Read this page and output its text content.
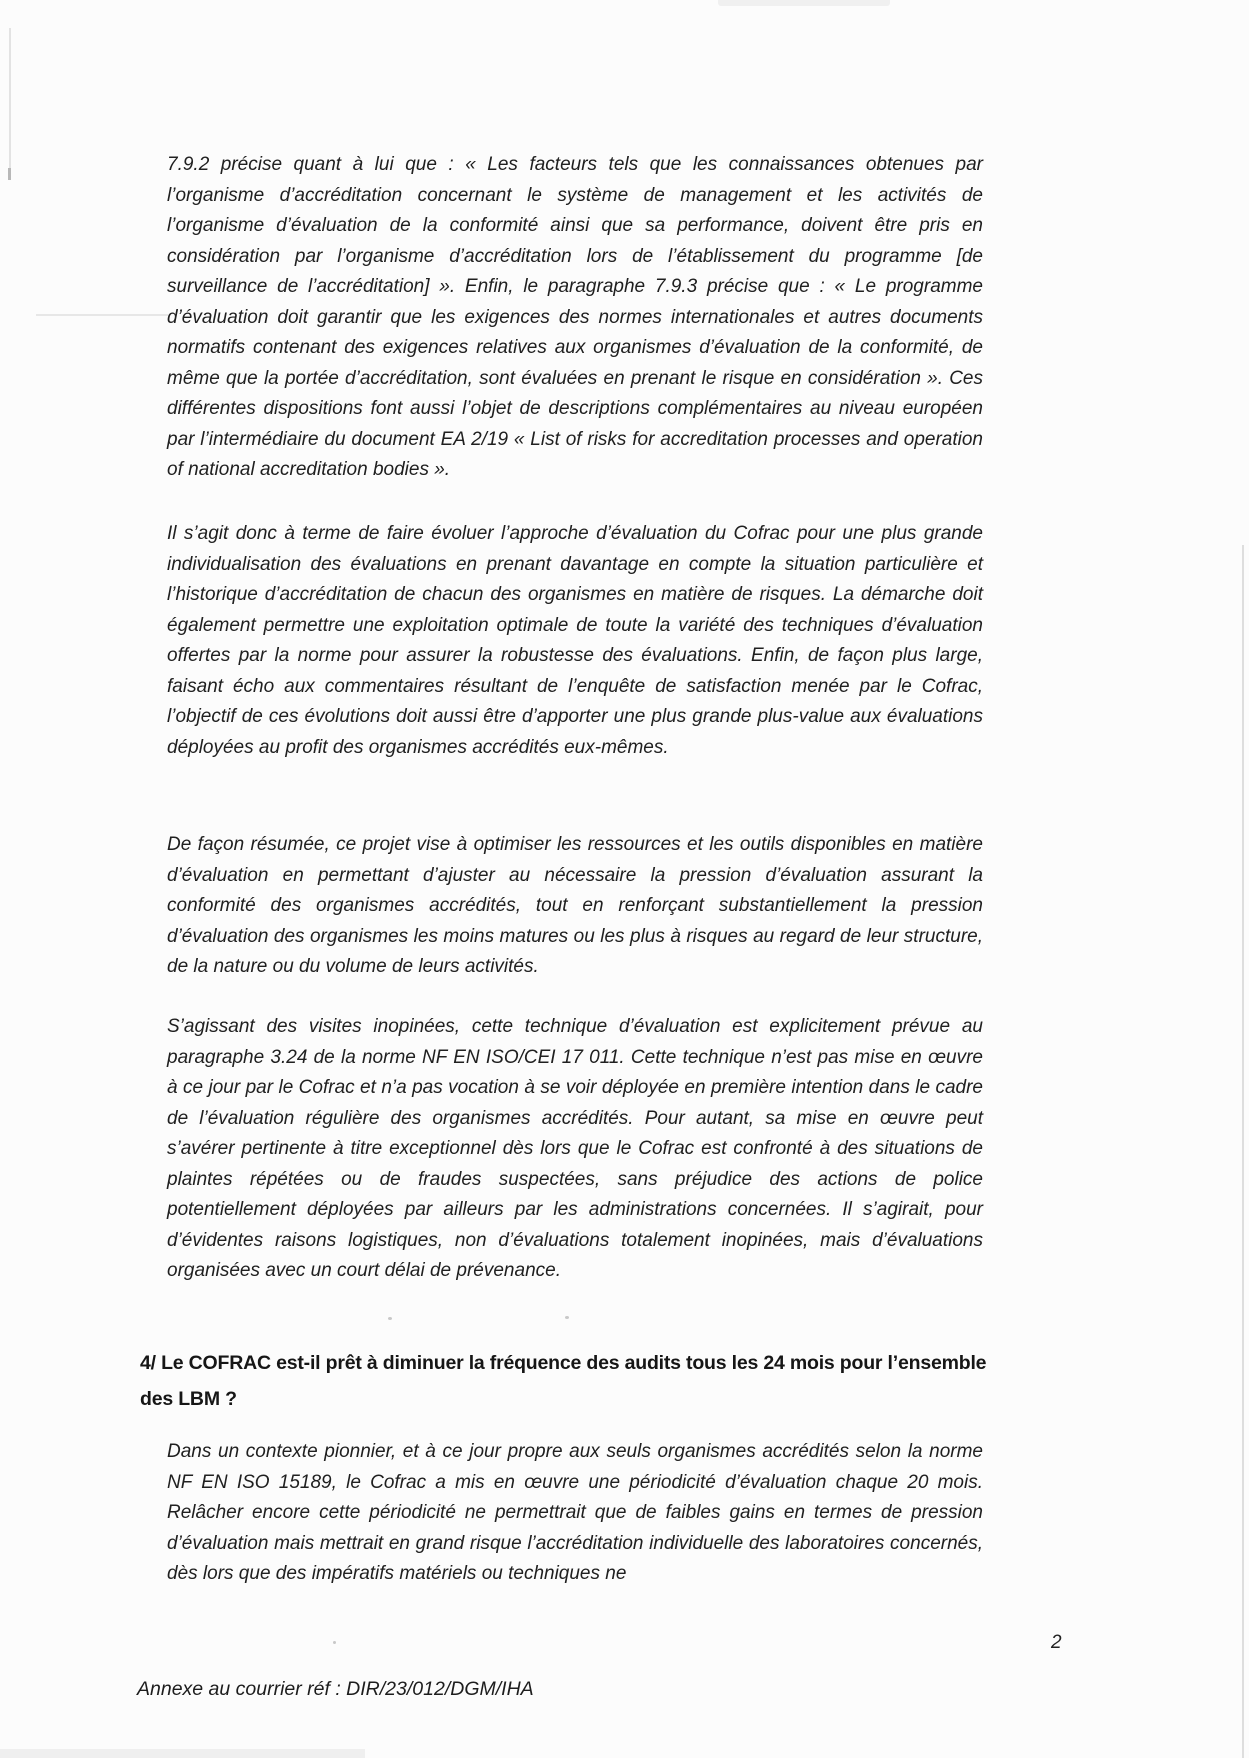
7.9.2 précise quant à lui que : « Les facteurs tels que les connaissances obtenues par l’organisme d’accréditation concernant le système de management et les activités de l’organisme d’évaluation de la conformité ainsi que sa performance, doivent être pris en considération par l’organisme d’accréditation lors de l’établissement du programme [de surveillance de l’accréditation] ». Enfin, le paragraphe 7.9.3 précise que : « Le programme d’évaluation doit garantir que les exigences des normes internationales et autres documents normatifs contenant des exigences relatives aux organismes d’évaluation de la conformité, de même que la portée d’accréditation, sont évaluées en prenant le risque en considération ». Ces différentes dispositions font aussi l’objet de descriptions complémentaires au niveau européen par l’intermédiaire du document EA 2/19 « List of risks for accreditation processes and operation of national accreditation bodies ».
Il s’agit donc à terme de faire évoluer l’approche d’évaluation du Cofrac pour une plus grande individualisation des évaluations en prenant davantage en compte la situation particulière et l’historique d’accréditation de chacun des organismes en matière de risques. La démarche doit également permettre une exploitation optimale de toute la variété des techniques d’évaluation offertes par la norme pour assurer la robustesse des évaluations. Enfin, de façon plus large, faisant écho aux commentaires résultant de l’enquête de satisfaction menée par le Cofrac, l’objectif de ces évolutions doit aussi être d’apporter une plus grande plus-value aux évaluations déployées au profit des organismes accrédités eux-mêmes.
De façon résumée, ce projet vise à optimiser les ressources et les outils disponibles en matière d’évaluation en permettant d’ajuster au nécessaire la pression d’évaluation assurant la conformité des organismes accrédités, tout en renforçant substantiellement la pression d’évaluation des organismes les moins matures ou les plus à risques au regard de leur structure, de la nature ou du volume de leurs activités.
S’agissant des visites inopinées, cette technique d’évaluation est explicitement prévue au paragraphe 3.24 de la norme NF EN ISO/CEI 17 011. Cette technique n’est pas mise en œuvre à ce jour par le Cofrac et n’a pas vocation à se voir déployée en première intention dans le cadre de l’évaluation régulière des organismes accrédités. Pour autant, sa mise en œuvre peut s’avérer pertinente à titre exceptionnel dès lors que le Cofrac est confronté à des situations de plaintes répétées ou de fraudes suspectées, sans préjudice des actions de police potentiellement déployées par ailleurs par les administrations concernées. Il s’agirait, pour d’évidentes raisons logistiques, non d’évaluations totalement inopinées, mais d’évaluations organisées avec un court délai de prévenance.
4/ Le COFRAC est-il prêt à diminuer la fréquence des audits tous les 24 mois pour l’ensemble
des LBM ?
Dans un contexte pionnier, et à ce jour propre aux seuls organismes accrédités selon la norme NF EN ISO 15189, le Cofrac a mis en œuvre une périodicité d’évaluation chaque 20 mois. Relâcher encore cette périodicité ne permettrait que de faibles gains en termes de pression d’évaluation mais mettrait en grand risque l’accréditation individuelle des laboratoires concernés, dès lors que des impératifs matériels ou techniques ne
2
Annexe au courrier réf : DIR/23/012/DGM/IHA
